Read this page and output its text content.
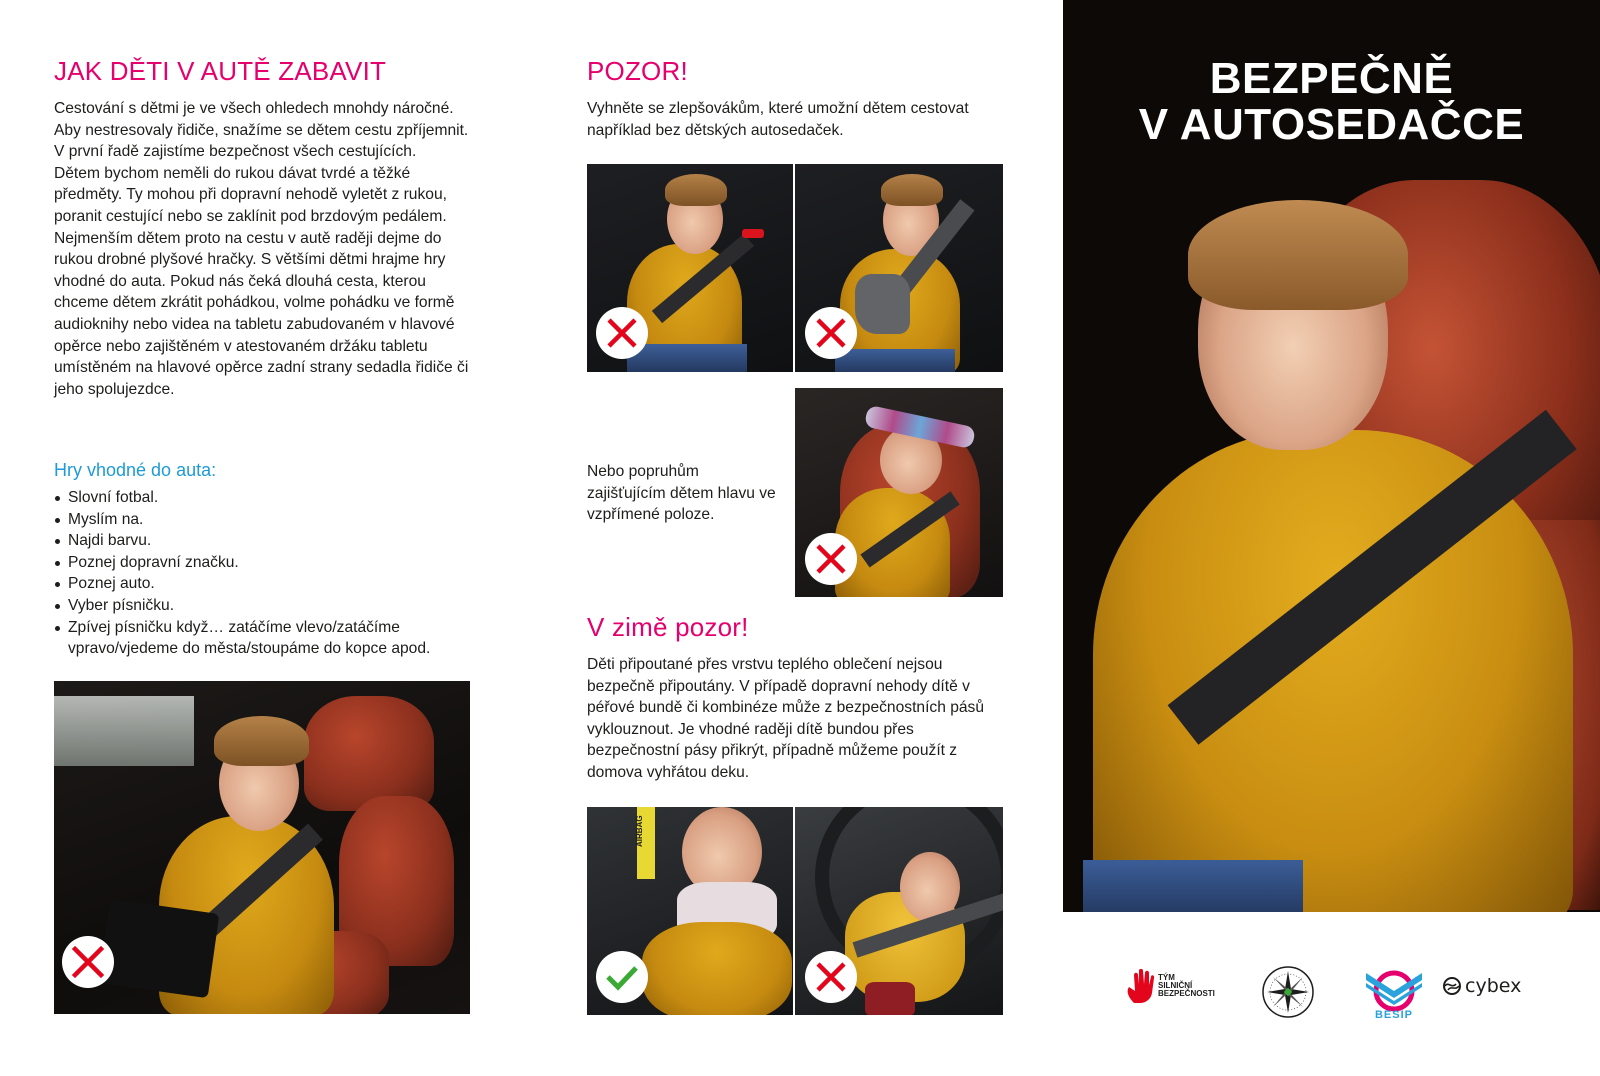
JAK DĚTI V AUTĚ ZABAVIT

Cestování s dětmi je ve všech ohledech mnohdy náročné. Aby nestresovaly řidiče, snažíme se dětem cestu zpříjemnit. V první řadě zajistíme bezpečnost všech cestujících.

Dětem bychom neměli do rukou dávat tvrdé a těžké předměty. Ty mohou při dopravní nehodě vyletět z rukou, poranit cestující nebo se zaklínit pod brzdovým pedálem.

Nejmenším dětem proto na cestu v autě raději dejme do rukou drobné plyšové hračky. S většími dětmi hrajme hry vhodné do auta. Pokud nás čeká dlouhá cesta, kterou chceme dětem zkrátit pohádkou, volme pohádku ve formě audioknihy nebo videa na tabletu zabudovaném v hlavové opěrce nebo zajištěném v atestovaném držáku tabletu umístěném na hlavové opěrce zadní strany sedadla řidiče či jeho spolujezdce.

Hry vhodné do auta:
Slovní fotbal.
Myslím na.
Najdi barvu.
Poznej dopravní značku.
Poznej auto.
Vyber písničku.
Zpívej písničku když… zatáčíme vlevo/zatáčíme vpravo/vjedeme do města/stoupáme do kopce apod.
POZOR!
Vyhněte se zlepšovákům, které umožní dětem cestovat například bez dětských autosedaček.
Nebo popruhům zajišťujícím dětem hlavu ve vzpřímené poloze.
V zimě pozor!
Děti připoutané přes vrstvu teplého oblečení nejsou bezpečně připoutány. V případě dopravní nehody dítě v péřové bundě či kombinéze může z bezpečnostních pásů vyklouznout. Je vhodné raději dítě bundou přes bezpečnostní pásy přikrýt, případně můžeme použít z domova vyhřátou deku.
AIRBAG
BEZPEČNĚ
V AUTOSEDAČCE
TÝM
SILNIČNÍ
BEZPEČNOSTI
BESIP
cybex
